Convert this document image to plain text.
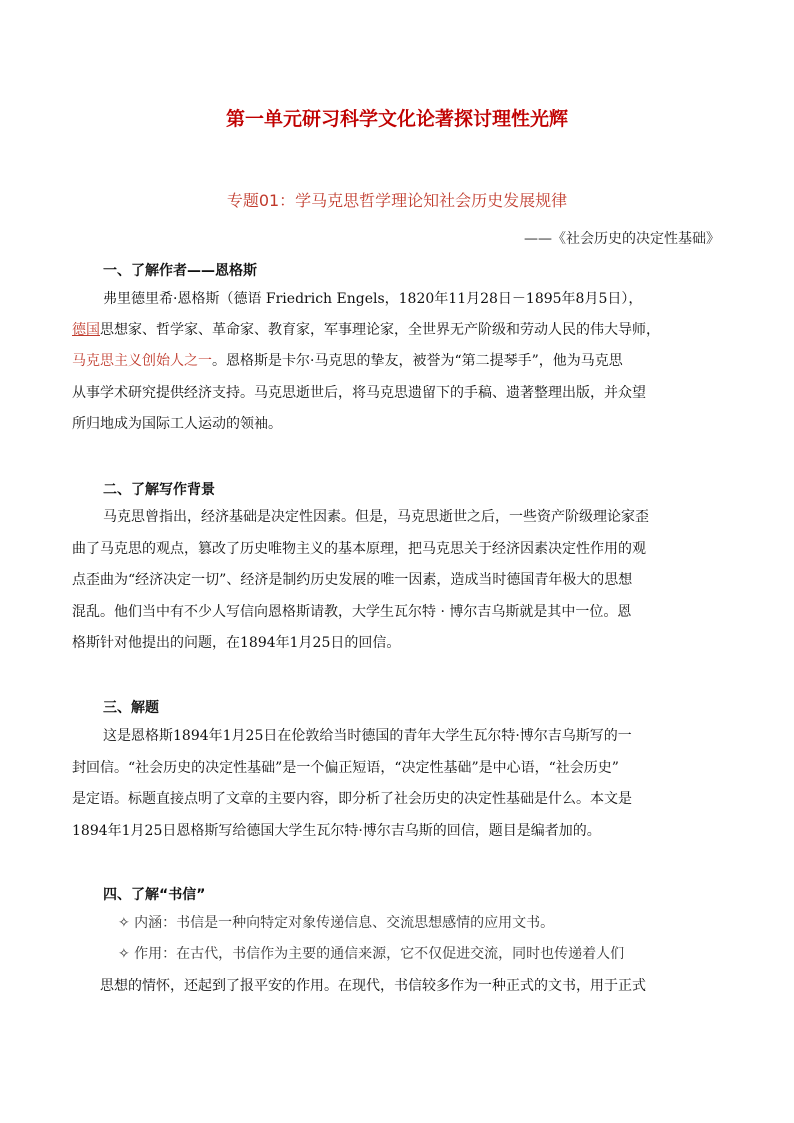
第一单元研习科学文化论著探讨理性光辉
专题01：学马克思哲学理论知社会历史发展规律
——《社会历史的决定性基础》
一、了解作者——恩格斯
弗里德里希·恩格斯（德语 Friedrich Engels，1820年11月28日－1895年8月5日），
德国思想家、哲学家、革命家、教育家，军事理论家，全世界无产阶级和劳动人民的伟大导师，
马克思主义创始人之一。恩格斯是卡尔·马克思的挚友，被誉为“第二提琴手”，他为马克思
从事学术研究提供经济支持。马克思逝世后，将马克思遗留下的手稿、遗著整理出版，并众望
所归地成为国际工人运动的领袖。
二、了解写作背景
马克思曾指出，经济基础是决定性因素。但是，马克思逝世之后，一些资产阶级理论家歪
曲了马克思的观点，篡改了历史唯物主义的基本原理，把马克思关于经济因素决定性作用的观
点歪曲为“经济决定一切”、经济是制约历史发展的唯一因素，造成当时德国青年极大的思想
混乱。他们当中有不少人写信向恩格斯请教，大学生瓦尔特 · 博尔吉乌斯就是其中一位。恩
格斯针对他提出的问题，在1894年1月25日的回信。
三、解题
这是恩格斯1894年1月25日在伦敦给当时德国的青年大学生瓦尔特·博尔吉乌斯写的一
封回信。“社会历史的决定性基础”是一个偏正短语，“决定性基础”是中心语，“社会历史”
是定语。标题直接点明了文章的主要内容，即分析了社会历史的决定性基础是什么。本文是
1894年1月25日恩格斯写给德国大学生瓦尔特·博尔吉乌斯的回信，题目是编者加的。
四、了解“书信”
✧ 内涵：书信是一种向特定对象传递信息、交流思想感情的应用文书。
✧ 作用：在古代，书信作为主要的通信来源，它不仅促进交流，同时也传递着人们
思想的情怀，还起到了报平安的作用。在现代，书信较多作为一种正式的文书，用于正式
